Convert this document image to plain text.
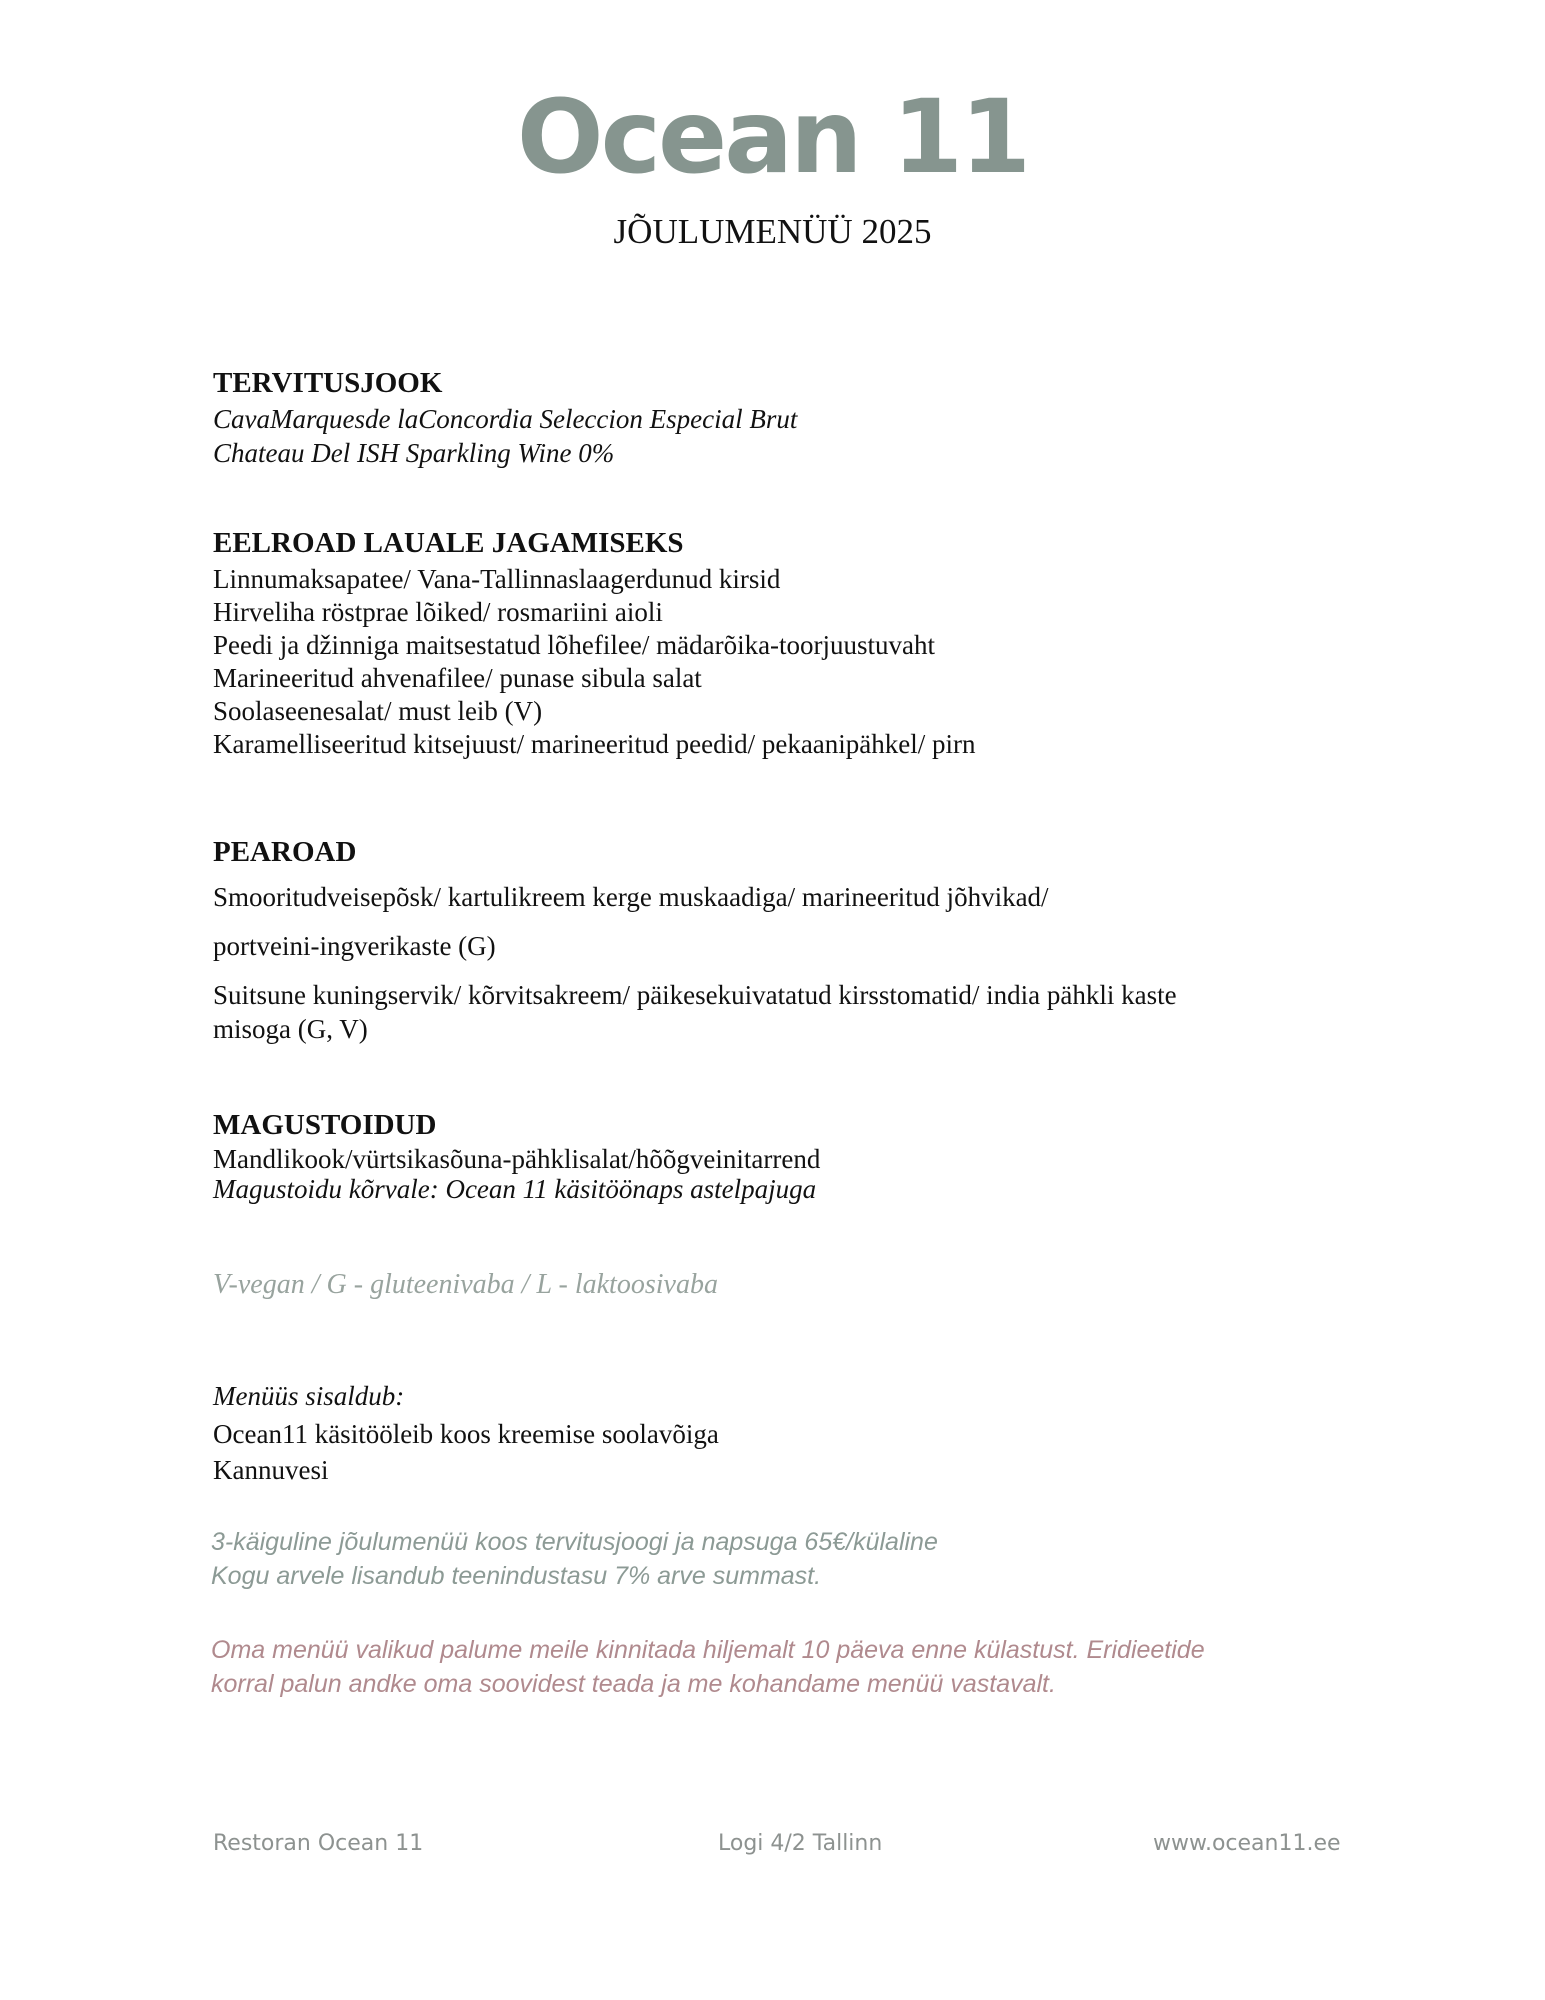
Ocean 11
JÕULUMENÜÜ 2025
TERVITUSJOOK
CavaMarquesde laConcordia Seleccion Especial Brut
Chateau Del ISH Sparkling Wine 0%
EELROAD LAUALE JAGAMISEKS
Linnumaksapatee/ Vana-Tallinnaslaagerdunud kirsid
Hirveliha röstprae lõiked/ rosmariini aioli
Peedi ja džinniga maitsestatud lõhefilee/ mädarõika-toorjuustuvaht
Marineeritud ahvenafilee/ punase sibula salat
Soolaseenesalat/ must leib (V)
Karamelliseeritud kitsejuust/ marineeritud peedid/ pekaanipähkel/ pirn
PEAROAD
Smooritudveisepõsk/ kartulikreem kerge muskaadiga/ marineeritud jõhvikad/
portveini-ingverikaste (G)
Suitsune kuningservik/ kõrvitsakreem/ päikesekuivatatud kirsstomatid/ india pähkli kaste
misoga (G, V)
MAGUSTOIDUD
Mandlikook/vürtsikasõuna-pähklisalat/hõõgveinitarrend
Magustoidu kõrvale: Ocean 11 käsitöönaps astelpajuga
V-vegan / G - gluteenivaba / L - laktoosivaba
Menüüs sisaldub:
Ocean11 käsitööleib koos kreemise soolavõiga
Kannuvesi
3-käiguline jõulumenüü koos tervitusjoogi ja napsuga 65€/külaline
Kogu arvele lisandub teenindustasu 7% arve summast.
Oma menüü valikud palume meile kinnitada hiljemalt 10 päeva enne külastust. Eridieetide
korral palun andke oma soovidest teada ja me kohandame menüü vastavalt.
Restoran Ocean 11	Logi 4/2 Tallinn	www.ocean11.ee
